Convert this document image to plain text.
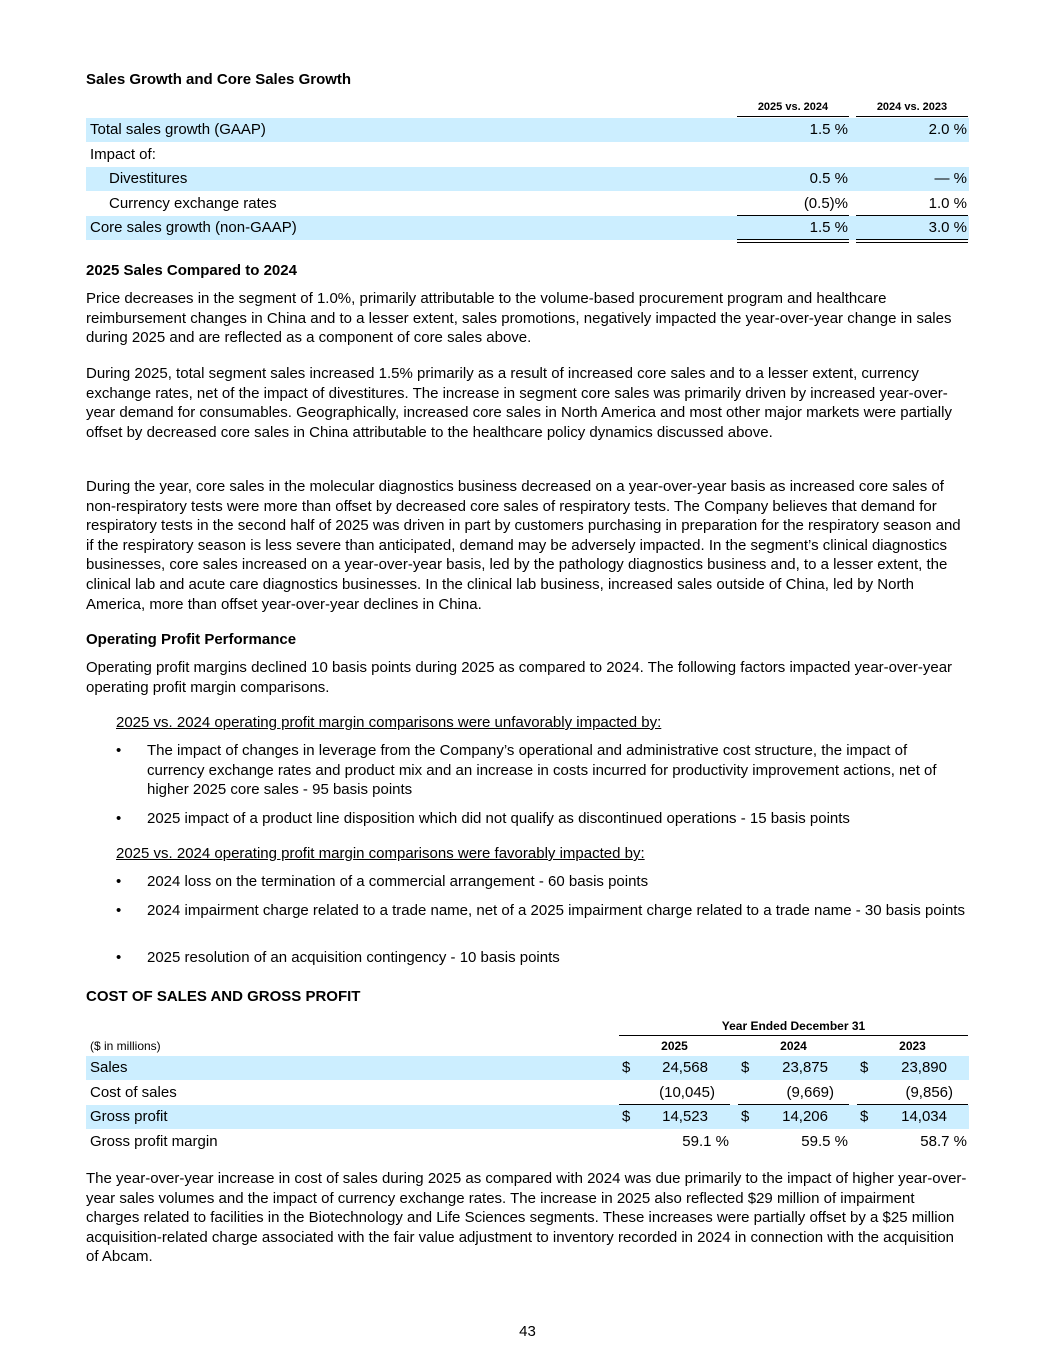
Sales Growth and Core Sales Growth
2025 vs. 2024	2024 vs. 2023
Total sales growth (GAAP)	1.5 %	2.0 %
Impact of:
Divestitures	0.5 %	— %
Currency exchange rates	(0.5)%	1.0 %
Core sales growth (non-GAAP)	1.5 %	3.0 %
2025 Sales Compared to 2024
Price decreases in the segment of 1.0%, primarily attributable to the volume-based procurement program and healthcare reimbursement changes in China and to a lesser extent, sales promotions, negatively impacted the year-over-year change in sales during 2025 and are reflected as a component of core sales above.
During 2025, total segment sales increased 1.5% primarily as a result of increased core sales and to a lesser extent, currency exchange rates, net of the impact of divestitures. The increase in segment core sales was primarily driven by increased year-over-year demand for consumables. Geographically, increased core sales in North America and most other major markets were partially offset by decreased core sales in China attributable to the healthcare policy dynamics discussed above.
During the year, core sales in the molecular diagnostics business decreased on a year-over-year basis as increased core sales of non-respiratory tests were more than offset by decreased core sales of respiratory tests. The Company believes that demand for respiratory tests in the second half of 2025 was driven in part by customers purchasing in preparation for the respiratory season and if the respiratory season is less severe than anticipated, demand may be adversely impacted. In the segment’s clinical diagnostics businesses, core sales increased on a year-over-year basis, led by the pathology diagnostics business and, to a lesser extent, the clinical lab and acute care diagnostics businesses. In the clinical lab business, increased sales outside of China, led by North America, more than offset year-over-year declines in China.
Operating Profit Performance
Operating profit margins declined 10 basis points during 2025 as compared to 2024. The following factors impacted year-over-year operating profit margin comparisons.
2025 vs. 2024 operating profit margin comparisons were unfavorably impacted by:
• The impact of changes in leverage from the Company’s operational and administrative cost structure, the impact of currency exchange rates and product mix and an increase in costs incurred for productivity improvement actions, net of higher 2025 core sales - 95 basis points
• 2025 impact of a product line disposition which did not qualify as discontinued operations - 15 basis points
2025 vs. 2024 operating profit margin comparisons were favorably impacted by:
• 2024 loss on the termination of a commercial arrangement - 60 basis points
• 2024 impairment charge related to a trade name, net of a 2025 impairment charge related to a trade name - 30 basis points
• 2025 resolution of an acquisition contingency - 10 basis points
COST OF SALES AND GROSS PROFIT
Year Ended December 31
($ in millions)	2025	2024	2023
Sales	$	24,568 $	23,875 $	23,890
Cost of sales	(10,045)	(9,669)	(9,856)
Gross profit	$	14,523 $	14,206 $	14,034
Gross profit margin	59.1 %	59.5 %	58.7 %
The year-over-year increase in cost of sales during 2025 as compared with 2024 was due primarily to the impact of higher year-over-year sales volumes and the impact of currency exchange rates. The increase in 2025 also reflected $29 million of impairment charges related to facilities in the Biotechnology and Life Sciences segments. These increases were partially offset by a $25 million acquisition-related charge associated with the fair value adjustment to inventory recorded in 2024 in connection with the acquisition of Abcam.
43
